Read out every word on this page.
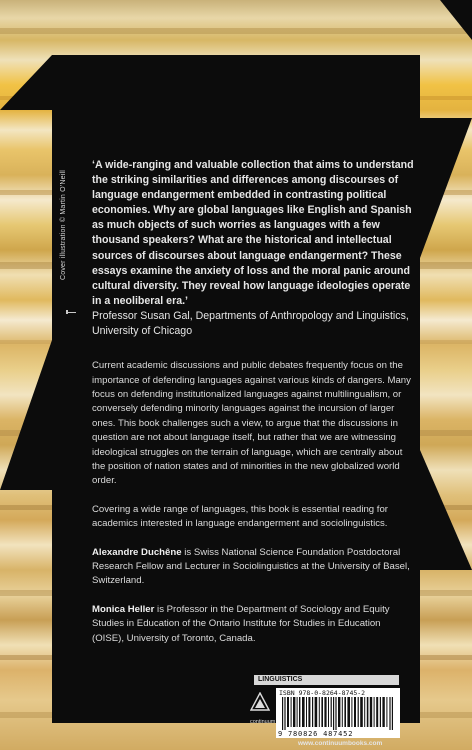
Cover illustration © Martin O'Neill

‘A wide-ranging and valuable collection that aims to understand the striking similarities and differences among discourses of language endangerment embedded in contrasting political economies. Why are global languages like English and Spanish as much objects of such worries as languages with a few thousand speakers? What are the historical and intellectual sources of discourses about language endangerment? These essays examine the anxiety of loss and the moral panic around cultural diversity. They reveal how language ideologies operate in a neoliberal era.’

Professor Susan Gal, Departments of Anthropology and Linguistics, University of Chicago

Current academic discussions and public debates frequently focus on the importance of defending languages against various kinds of dangers. Many focus on defending institutionalized languages against multilingualism, or conversely defending minority languages against the incursion of larger ones. This book challenges such a view, to argue that the discussions in question are not about language itself, but rather that we are witnessing ideological struggles on the terrain of language, which are centrally about the position of nation states and of minorities in the new globalized world order.

Covering a wide range of languages, this book is essential reading for academics interested in language endangerment and sociolinguistics.

Alexandre Duchêne is Swiss National Science Foundation Postdoctoral Research Fellow and Lecturer in Sociolinguistics at the University of Basel, Switzerland.

Monica Heller is Professor in the Department of Sociology and Equity Studies in Education of the Ontario Institute for Studies in Education (OISE), University of Toronto, Canada.

LINGUISTICS
ISBN 978-0-8264-8745-2
9 780826 487452
continuum
www.continuumbooks.com
